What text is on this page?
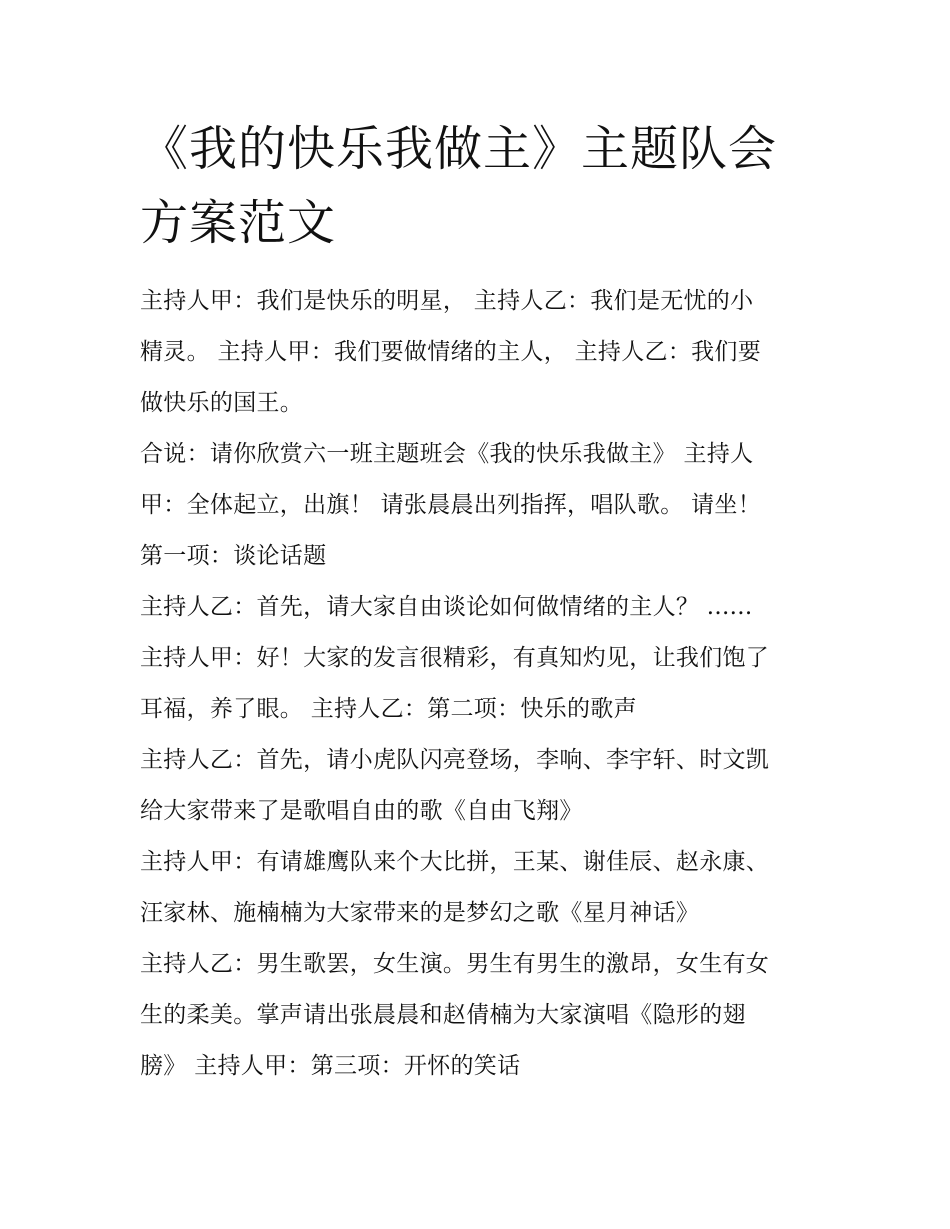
《我的快乐我做主》主题队会
方案范文

主持人甲：我们是快乐的明星， 主持人乙：我们是无忧的小

精灵。 主持人甲：我们要做情绪的主人， 主持人乙：我们要

做快乐的国王。

合说：请你欣赏六一班主题班会《我的快乐我做主》 主持人

甲：全体起立，出旗！ 请张晨晨出列指挥，唱队歌。 请坐！

第一项：谈论话题

主持人乙：首先，请大家自由谈论如何做情绪的主人？ ......

主持人甲：好！大家的发言很精彩，有真知灼见，让我们饱了

耳福，养了眼。 主持人乙：第二项：快乐的歌声

主持人乙：首先，请小虎队闪亮登场，李响、李宇轩、时文凯

给大家带来了是歌唱自由的歌《自由飞翔》

主持人甲：有请雄鹰队来个大比拼，王某、谢佳辰、赵永康、

汪家林、施楠楠为大家带来的是梦幻之歌《星月神话》

主持人乙：男生歌罢，女生演。男生有男生的激昂，女生有女

生的柔美。掌声请出张晨晨和赵倩楠为大家演唱《隐形的翅

膀》 主持人甲：第三项：开怀的笑话
